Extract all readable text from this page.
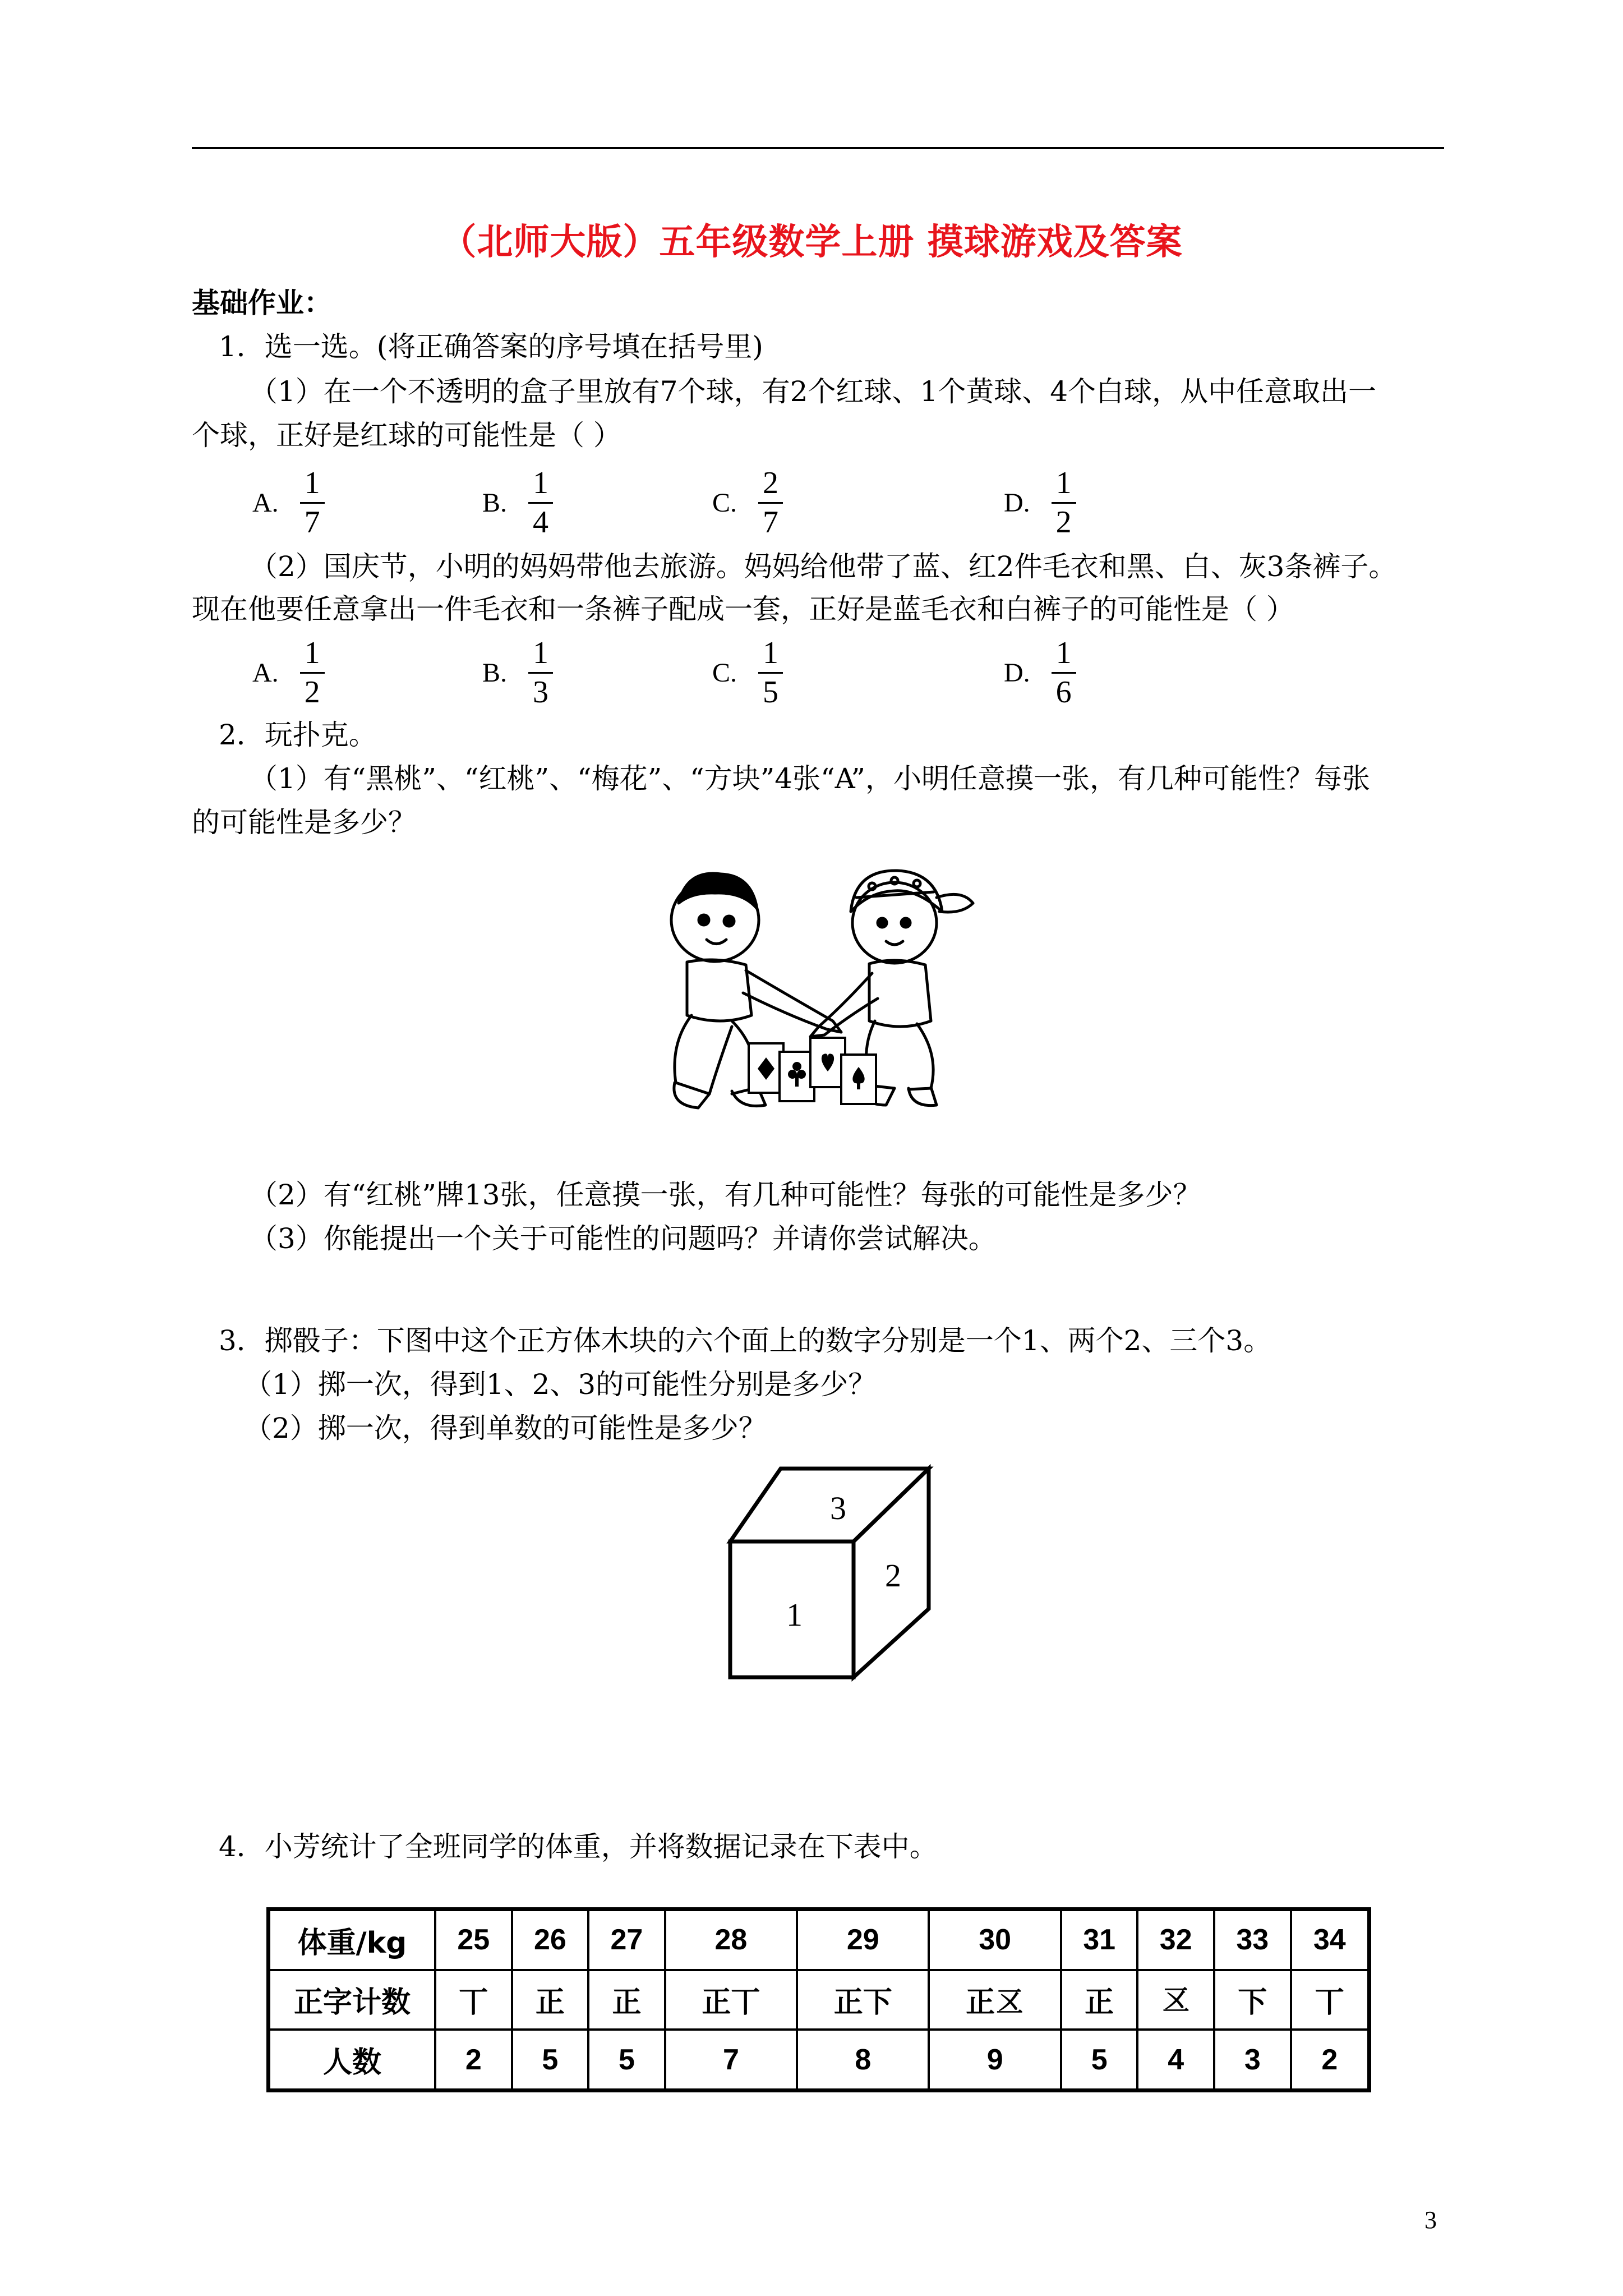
（北师大版）五年级数学上册 摸球游戏及答案
基础作业：
1．选一选。(将正确答案的序号填在括号里)
（1）在一个不透明的盒子里放有7个球，有2个红球、1个黄球、4个白球，从中任意取出一
个球，正好是红球的可能性是（ ）
A. $\frac{1}{7}$	B. $\frac{1}{4}$	C. $\frac{2}{7}$	D. $\frac{1}{2}$
（2）国庆节，小明的妈妈带他去旅游。妈妈给他带了蓝、红2件毛衣和黑、白、灰3条裤子。
现在他要任意拿出一件毛衣和一条裤子配成一套，正好是蓝毛衣和白裤子的可能性是（ ）
A. $\frac{1}{2}$	B. $\frac{1}{3}$	C. $\frac{1}{5}$	D. $\frac{1}{6}$
2．玩扑克。
（1）有“黑桃”、“红桃”、“梅花”、“方块”4张“A”，小明任意摸一张，有几种可能性？每张
的可能性是多少？
（2）有“红桃”牌13张，任意摸一张，有几种可能性？每张的可能性是多少？
（3）你能提出一个关于可能性的问题吗？并请你尝试解决。
3．掷骰子：下图中这个正方体木块的六个面上的数字分别是一个1、两个2、三个3。
（1）掷一次，得到1、2、3的可能性分别是多少？
（2）掷一次，得到单数的可能性是多少？
3
1
2
4．小芳统计了全班同学的体重，并将数据记录在下表中。
体重/kg	25	26	27	28	29	30	31	32	33	34
正字计数	丅	正	正	正丅	正下	正𠄡	正	𠄡	下	丅
人数	2	5	5	7	8	9	5	4	3	2
3
